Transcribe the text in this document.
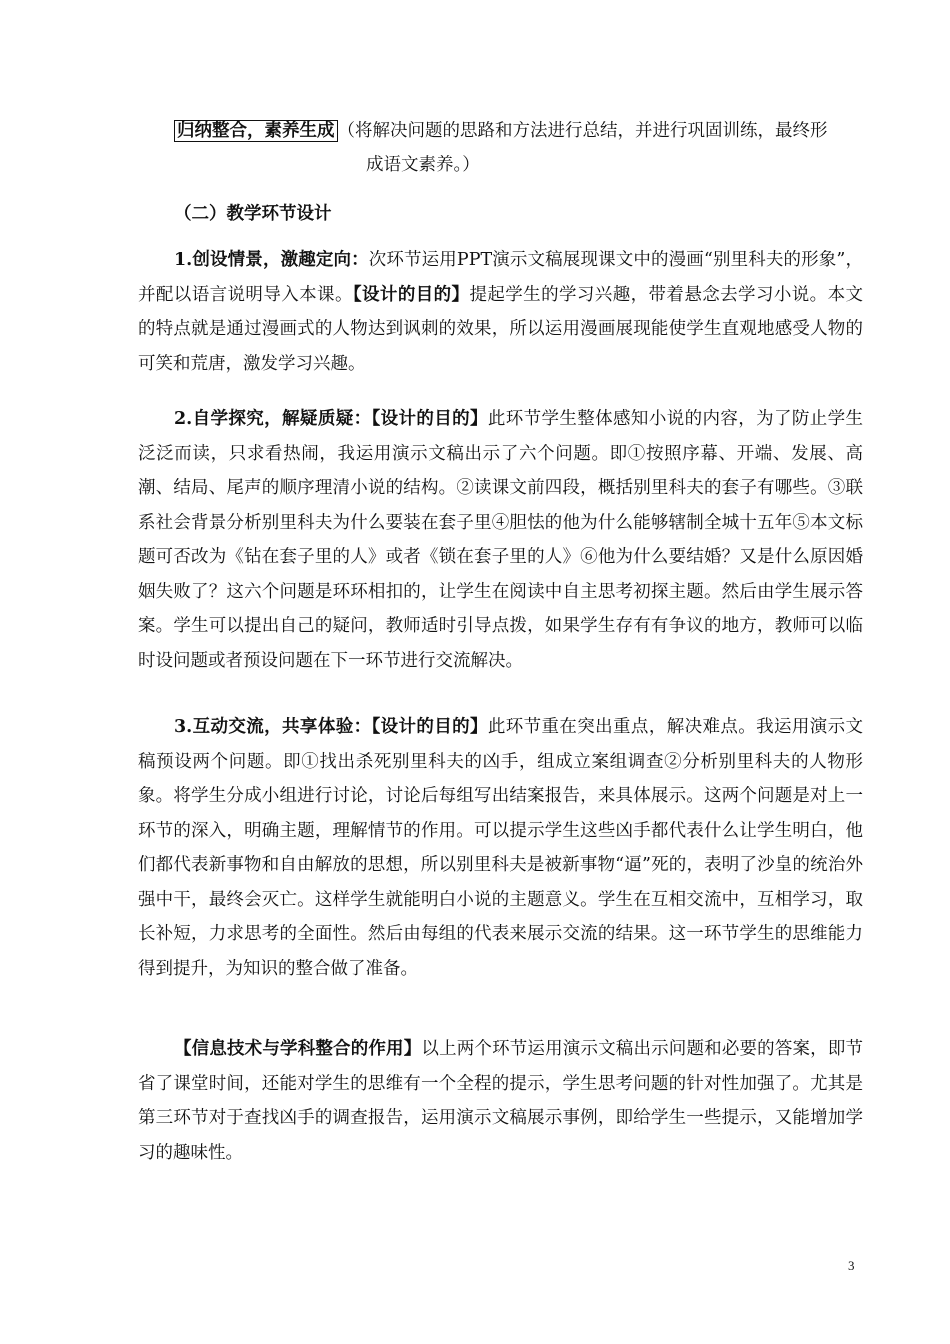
归纳整合，素养生成 （将解决问题的思路和方法进行总结，并进行巩固训练，最终形
成语文素养。）
（二）教学环节设计

1.创设情景，激趣定向：次环节运用PPT演示文稿展现课文中的漫画“别里科夫的形象”，并配以语言说明导入本课。【设计的目的】提起学生的学习兴趣，带着悬念去学习小说。本文的特点就是通过漫画式的人物达到讽刺的效果，所以运用漫画展现能使学生直观地感受人物的可笑和荒唐，激发学习兴趣。

2.自学探究，解疑质疑：【设计的目的】此环节学生整体感知小说的内容，为了防止学生泛泛而读，只求看热闹，我运用演示文稿出示了六个问题。即①按照序幕、开端、发展、高潮、结局、尾声的顺序理清小说的结构。②读课文前四段，概括别里科夫的套子有哪些。③联系社会背景分析别里科夫为什么要装在套子里④胆怯的他为什么能够辖制全城十五年⑤本文标题可否改为《钻在套子里的人》或者《锁在套子里的人》⑥他为什么要结婚？又是什么原因婚姻失败了？这六个问题是环环相扣的，让学生在阅读中自主思考初探主题。然后由学生展示答案。学生可以提出自己的疑问，教师适时引导点拨，如果学生存有有争议的地方，教师可以临时设问题或者预设问题在下一环节进行交流解决。

3.互动交流，共享体验：【设计的目的】此环节重在突出重点，解决难点。我运用演示文稿预设两个问题。即①找出杀死别里科夫的凶手，组成立案组调查②分析别里科夫的人物形象。将学生分成小组进行讨论，讨论后每组写出结案报告，来具体展示。这两个问题是对上一环节的深入，明确主题，理解情节的作用。可以提示学生这些凶手都代表什么让学生明白，他们都代表新事物和自由解放的思想，所以别里科夫是被新事物“逼”死的，表明了沙皇的统治外强中干，最终会灭亡。这样学生就能明白小说的主题意义。学生在互相交流中，互相学习，取长补短，力求思考的全面性。然后由每组的代表来展示交流的结果。这一环节学生的思维能力得到提升，为知识的整合做了准备。

【信息技术与学科整合的作用】以上两个环节运用演示文稿出示问题和必要的答案，即节省了课堂时间，还能对学生的思维有一个全程的提示，学生思考问题的针对性加强了。尤其是第三环节对于查找凶手的调查报告，运用演示文稿展示事例，即给学生一些提示，又能增加学习的趣味性。

3
